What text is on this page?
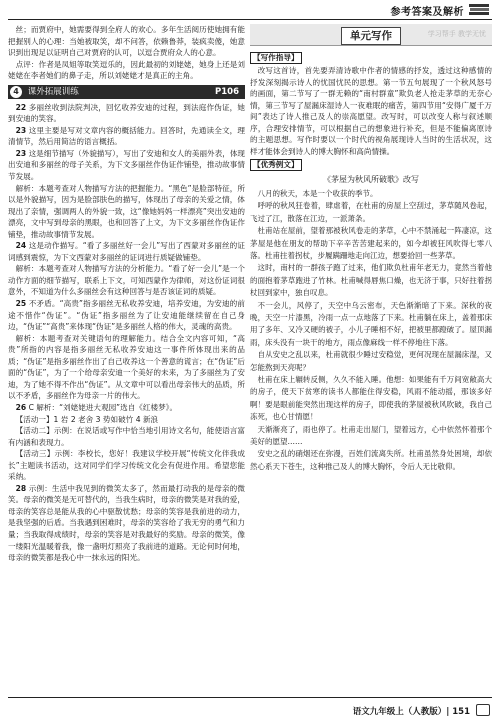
参考答案及解析

丝；而贾府中，她需要得到全府人的欢心。多年生活阅历使她拥有能把握别人的心理：当她被取笑，却不问答，依赖鲁莽，装疯卖傻，她意识到出现足以证明自己对贾府的认可，以逗合贾府众人的心意。

点评：作者是凤姐等取笑逗乐的，因此最初的刘姥姥，她身上还是刘姥姥在李者她们的鼻子走，所以刘姥姥才是真正的主角。

4 课外拓展训练	P106

22 多丽丝收到法院判决，回忆收养安迪的过程，到法庭作伪证，她到安迪的笑容。

23 这里主要是写对文章内容的概括能力。回答时，先通读全文，理清情节，然后用简洁的语言概括。

23 这是细节描写（外貌描写），写出了安迪和女人的美丽外表，体现出安迪和多丽丝的母子关系，为下文多丽丝作伪证作铺垫，推动故事情节发展。

解析：本题考查对人物描写方法的把握能力。“黑色”是脸部特征，所以是外貌描写，因为是脸部肤色的描写，体现出了母亲的关爱之情，体现出了亲情，强调两人的外貌一致，这“像她妈妈一样漂亮”突出安迪的漂亮，文中写到母亲的黑眼，也和回答了上文，为下文多丽丝作伪证作铺垫，推动故事情节发展。

24 这是动作描写。“看了多丽丝好一会儿”写出了西蒙对多丽丝的证词感到震惊，为下文西蒙对多丽丝的证词进行质疑做铺垫。

解析：本题考查对人物描写方法的分析能力。“看了好一会儿”是一个动作方面的细节描写，联系上下文，可知西蒙作为律师，对这份证词很意外，不知道为什么多丽丝会有这种回答与是否该证词的质疑。

25 不矛盾。“高贵”指多丽丝无私收养安迪，培养安迪，为安迪的前途不惜作“伪证”。“伪证”指多丽丝为了让安迪能继续留在自己身边，“伪证”“高贵”来体现“伪证”是多丽丝人格的伟大，灵魂的高贵。

解析：本题考查对关键语句的理解能力。结合全文内容可知，“高贵”所指的内容是指多丽丝无私收养安迪这一事件所体现出来的品质；“伪证”是指多丽丝作出了自己收养这一个善意的谎言；在“伪证”后面的“伪证”，为了一个给母亲安迪一个美好的未来，为了多丽丝为了安迪，为了她不得不作出“伪证”。从文章中可以看出母亲伟大的品质，所以不矛盾，多丽丝作为母亲一片的伟大。

26 C 解析：“刘姥姥进大观园”选自《红楼梦》。

【活动一】1 岩 2 老舍 3 势如破竹 4 新浪

【活动二】示例：在说话或写作中恰当地引用诗文名句，能使语言富有内涵和表现力。

【活动三】示例：李校长，您好！我建议学校开展“传统文化伴我成长”主题读书活动，这对同学们学习传统文化会有促进作用。希望您能采纳。

28 示例：生活中我见到的微笑太多了，然而最打动我的是母亲的微笑。母亲的微笑是无可替代的，当我生病时，母亲的微笑是对我的爱，母亲的笑容总是能从我的心中驱散忧愁；母亲的笑容是我前进的动力，是我坚强的后盾。当我遇到困难时，母亲的笑容给了我无穷的勇气和力量；当我取得成绩时，母亲的笑容是对我最好的奖励。母亲的微笑，像一缕阳光温暖着我，像一盏明灯照亮了我前进的道路。无论何时何地，母亲的微笑都是我心中一抹永远的阳光。

单元写作	学习帮手 教学无忧
【写作指导】

改写这首诗，首先要弄清诗歌中作者的情感的抒发，透过这种感情的抒发深刻揭示诗人的忧国忧民的思想。第一节五句展现了一个秋风怒号的画面，第二节写了一群无赖的“南村群童”欺负老人抢走茅草的无奈心情，第三节写了屋漏床湿诗人一夜难眠的痛苦，第四节用“安得广厦千万间”表达了诗人推己及人的崇高愿望。改写时，可以改变人称与叙述顺序，合理安排情节，可以根据自己的想象进行补充，但是不能偏离原诗的主题思想。写作时要以一个时代的视角展现诗人当时的生活状况，这样才能体会到诗人的博大胸怀和高尚情操。

【优秀例文】
《茅屋为秋风所破歌》改写

八月的秋天，本是一个收获的季节。

呼呼的秋风狂卷着，肆虐着，在杜甫的房屋上空刮过，茅草随风卷起，飞过了江，散落在江边，一派萧条。

杜甫站在屋前，望着那被秋风卷走的茅草，心中不禁涌起一阵凄凉，这茅屋是他在朋友的帮助下辛辛苦苦建起来的，如今却被狂风吹得七零八落。杜甫拄着拐杖，步履蹒跚地走向江边，想要拾回一些茅草。

这时，南村的一群孩子跑了过来，他们欺负杜甫年老无力，竟然当着他的面抱着茅草跑进了竹林。杜甫喊得唇焦口燥，也无济于事，只好拄着拐杖回到家中，独自叹息。

不一会儿，风停了，天空中乌云密布，天色渐渐暗了下来。深秋的夜晚，天空一片漆黑，冷雨一点一点地落了下来。杜甫躺在床上，盖着那床用了多年、又冷又硬的被子，小儿子睡相不好，把被里都蹬破了。屋顶漏雨，床头没有一块干的地方，雨点像麻线一样不停地往下落。

自从安史之乱以来，杜甫就很少睡过安稳觉，更何况现在屋漏床湿，又怎能熬到天亮呢？

杜甫在床上辗转反侧，久久不能入睡。他想：如果能有千万间宽敞高大的房子，使天下贫寒的读书人都能住得安稳，风雨不能动摇，那该多好啊！要是眼前能突然出现这样的房子，即使我的茅屋被秋风吹破，我自己冻死，也心甘情愿！

天渐渐亮了，雨也停了。杜甫走出屋门，望着远方，心中依然怀着那个美好的愿望……

安史之乱的硝烟还在弥漫，百姓们流离失所。杜甫虽然身处困境，却依然心系天下苍生，这种推己及人的博大胸怀，令后人无比敬仰。

语文九年级上（人教版）| 151
